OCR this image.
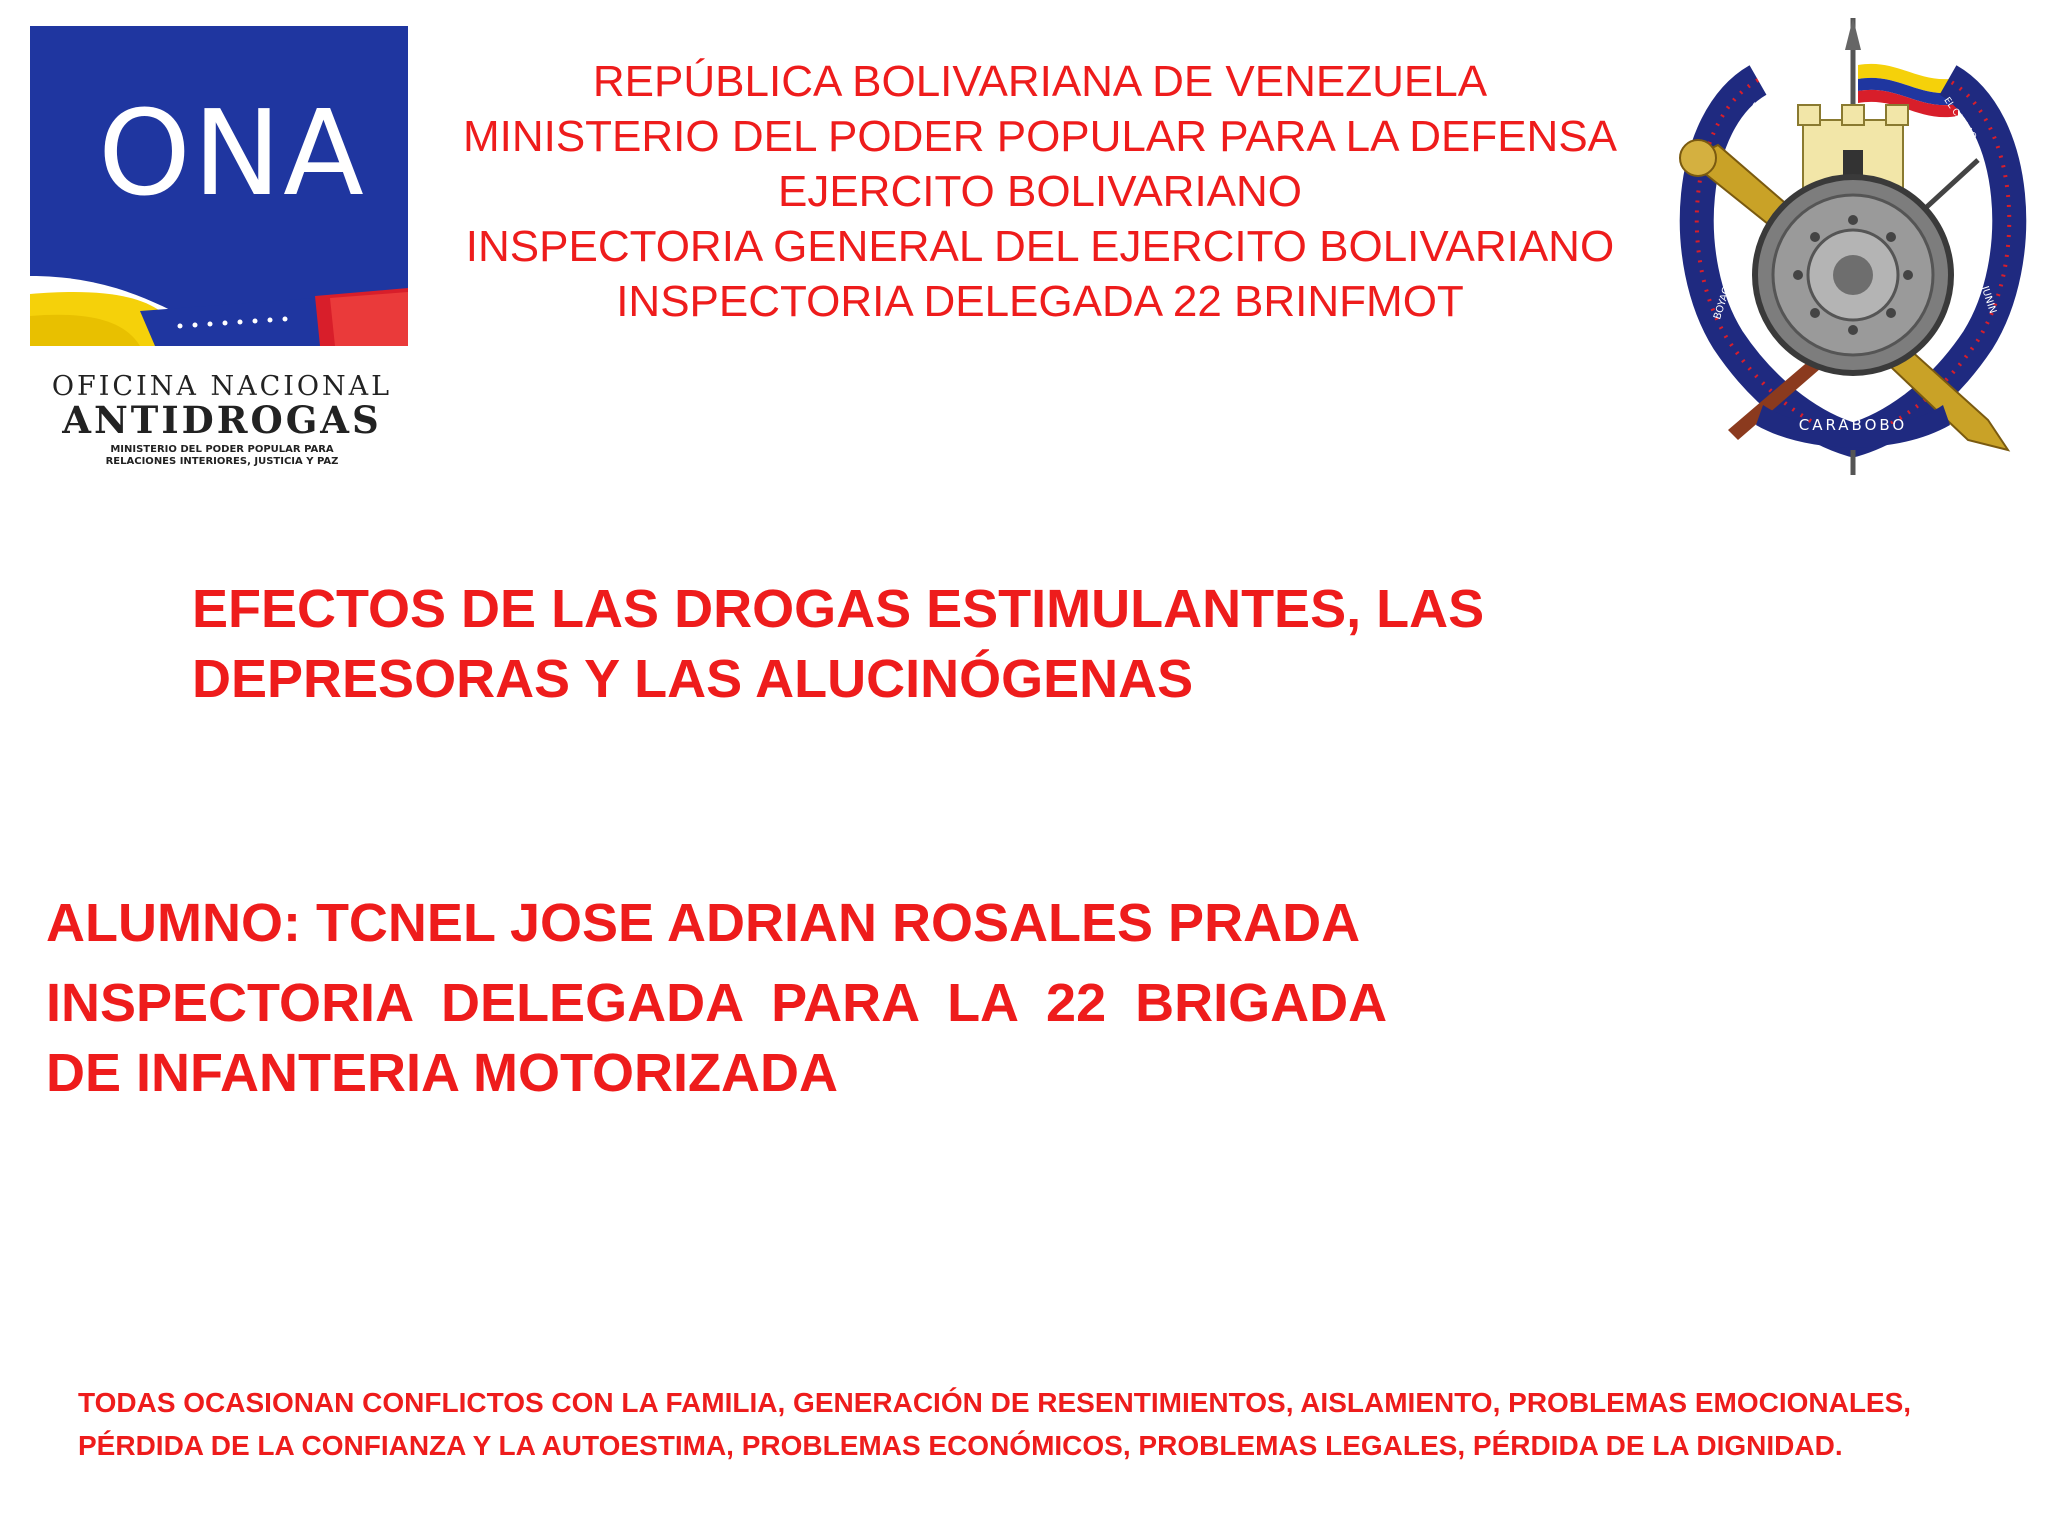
ONA
OFICINA NACIONAL
ANTIDROGAS
MINISTERIO DEL PODER POPULAR PARA
RELACIONES INTERIORES, JUSTICIA Y PAZ
REPÚBLICA BOLIVARIANA DE VENEZUELA
MINISTERIO DEL PODER POPULAR PARA LA DEFENSA
EJERCITO BOLIVARIANO
INSPECTORIA GENERAL DEL EJERCITO BOLIVARIANO
INSPECTORIA DELEGADA 22 BRINFMOT
CARABOBO
BOYACA - PICHINCHA	AYACUCHO - JUNIN
CARLOS	EL CALLAO
EFECTOS DE LAS DROGAS ESTIMULANTES, LAS
DEPRESORAS Y LAS ALUCINÓGENAS
ALUMNO: TCNEL JOSE ADRIAN ROSALES PRADA
INSPECTORIA DELEGADA PARA LA 22 BRIGADA
DE INFANTERIA MOTORIZADA
TODAS OCASIONAN CONFLICTOS CON LA FAMILIA, GENERACIÓN DE RESENTIMIENTOS, AISLAMIENTO, PROBLEMAS EMOCIONALES,
PÉRDIDA DE LA CONFIANZA Y LA AUTOESTIMA, PROBLEMAS ECONÓMICOS, PROBLEMAS LEGALES, PÉRDIDA DE LA DIGNIDAD.
